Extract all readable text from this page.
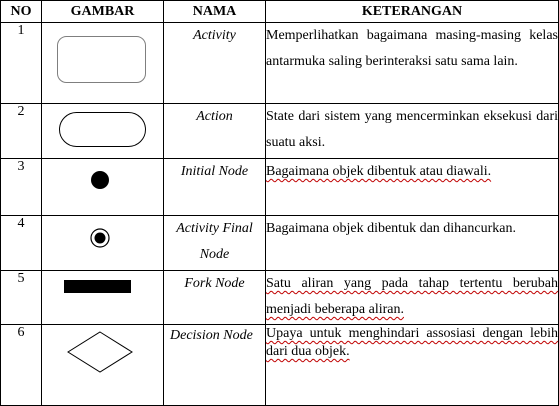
NO	GAMBAR	NAMA	KETERANGAN
1		Activity	Memperlihatkan bagaimana masing-masing kelas antarmuka saling berinteraksi satu sama lain.
2		Action	State dari sistem yang mencerminkan eksekusi dari suatu aksi.
3		Initial Node	Bagaimana objek dibentuk atau diawali.
4		Activity Final Node	Bagaimana objek dibentuk dan dihancurkan.
5		Fork Node	Satu aliran yang pada tahap tertentu berubah menjadi beberapa aliran.
6		Decision Node	Upaya untuk menghindari assosiasi dengan lebih dari dua objek.
